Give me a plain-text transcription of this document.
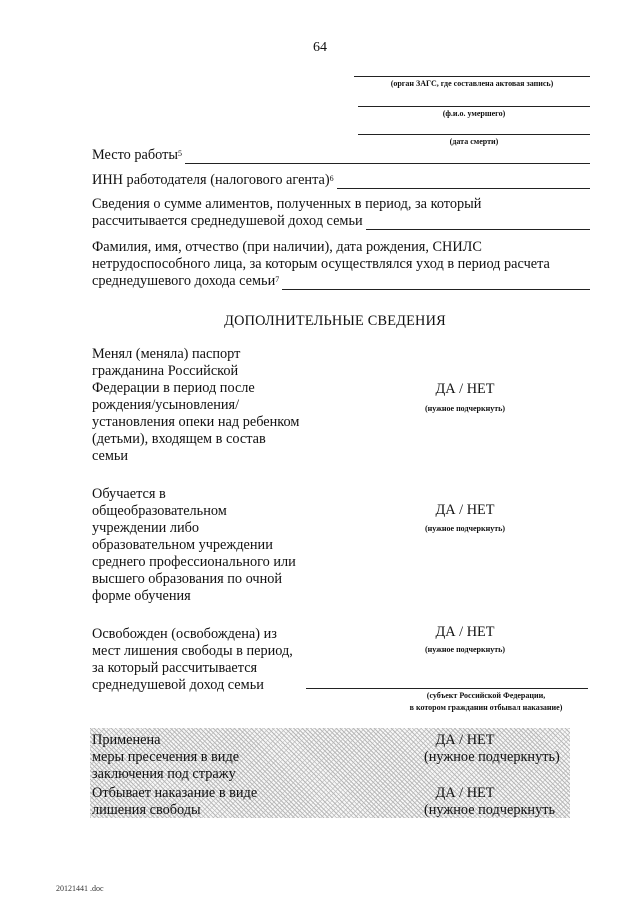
64
(орган ЗАГС, где составлена актовая запись)
(ф.и.о. умершего)
(дата смерти)
Место работы$^5$
ИНН работодателя (налогового агента)$^6$
Сведения о сумме алиментов, полученных в период, за который
рассчитывается среднедушевой доход семьи
Фамилия, имя, отчество (при наличии), дата рождения, СНИЛС
нетрудоспособного лица, за которым осуществлялся уход в период расчета
среднедушевого дохода семьи$^7$
ДОПОЛНИТЕЛЬНЫЕ СВЕДЕНИЯ
Менял (меняла) паспорт
гражданина Российской
Федерации в период после
рождения/усыновления/
установления опеки над ребенком
(детьми), входящем в состав
семьи
ДА / НЕТ
(нужное подчеркнуть)
Обучается в
общеобразовательном
учреждении либо
образовательном учреждении
среднего профессионального или
высшего образования по очной
форме обучения
ДА / НЕТ
(нужное подчеркнуть)
Освобожден (освобождена) из
мест лишения свободы в период,
за который рассчитывается
среднедушевой доход семьи
ДА / НЕТ
(нужное подчеркнуть)
(субъект Российской Федерации,
в котором гражданин отбывал наказание)
Применена
меры пресечения в виде
заключения под стражу
ДА / НЕТ
(нужное подчеркнуть)
Отбывает наказание в виде
лишения свободы
ДА / НЕТ
(нужное подчеркнуть
20121441 .doc
